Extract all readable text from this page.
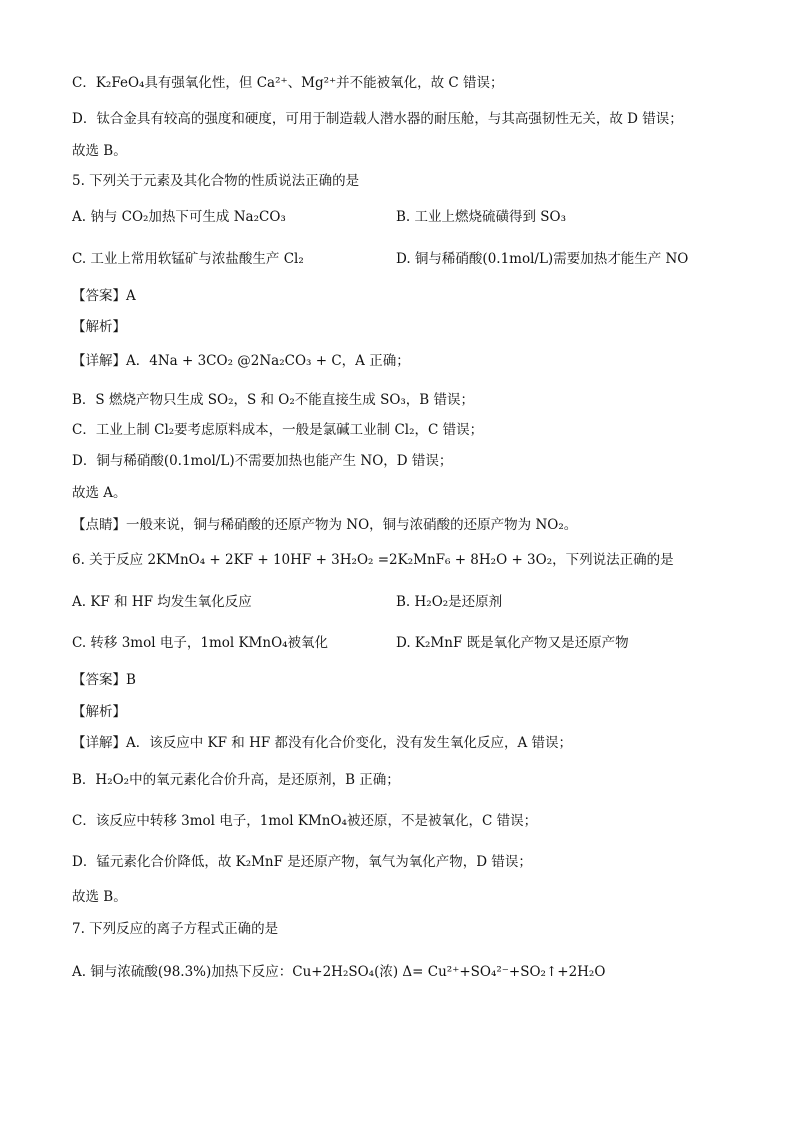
C．K₂FeO₄具有强氧化性，但 Ca²⁺、Mg²⁺并不能被氧化，故 C 错误；
D．钛合金具有较高的强度和硬度，可用于制造载人潜水器的耐压舱，与其高强韧性无关，故 D 错误；
故选 B。
5. 下列关于元素及其化合物的性质说法正确的是
A. 钠与 CO₂加热下可生成 Na₂CO₃	B. 工业上燃烧硫磺得到 SO₃
C. 工业上常用软锰矿与浓盐酸生产 Cl₂	D. 铜与稀硝酸(0.1mol/L)需要加热才能生产 NO
【答案】A
【解析】
【详解】A．4Na + 3CO₂ @2Na₂CO₃ + C，A 正确；
B．S 燃烧产物只生成 SO₂，S 和 O₂不能直接生成 SO₃，B 错误；
C．工业上制 Cl₂要考虑原料成本，一般是氯碱工业制 Cl₂，C 错误；
D．铜与稀硝酸(0.1mol/L)不需要加热也能产生 NO，D 错误；
故选 A。
【点睛】一般来说，铜与稀硝酸的还原产物为 NO，铜与浓硝酸的还原产物为 NO₂。
6. 关于反应 2KMnO₄ + 2KF + 10HF + 3H₂O₂ =2K₂MnF₆ + 8H₂O + 3O₂，下列说法正确的是
A. KF 和 HF 均发生氧化反应	B. H₂O₂是还原剂
C. 转移 3mol 电子，1mol KMnO₄被氧化	D. K₂MnF 既是氧化产物又是还原产物
【答案】B
【解析】
【详解】A．该反应中 KF 和 HF 都没有化合价变化，没有发生氧化反应，A 错误；
B．H₂O₂中的氧元素化合价升高，是还原剂，B 正确；
C．该反应中转移 3mol 电子，1mol KMnO₄被还原，不是被氧化，C 错误；
D．锰元素化合价降低，故 K₂MnF 是还原产物，氧气为氧化产物，D 错误；
故选 B。
7. 下列反应的离子方程式正确的是
A. 铜与浓硫酸(98.3%)加热下反应：Cu+2H₂SO₄(浓) Δ= Cu²⁺+SO₄²⁻+SO₂↑+2H₂O
